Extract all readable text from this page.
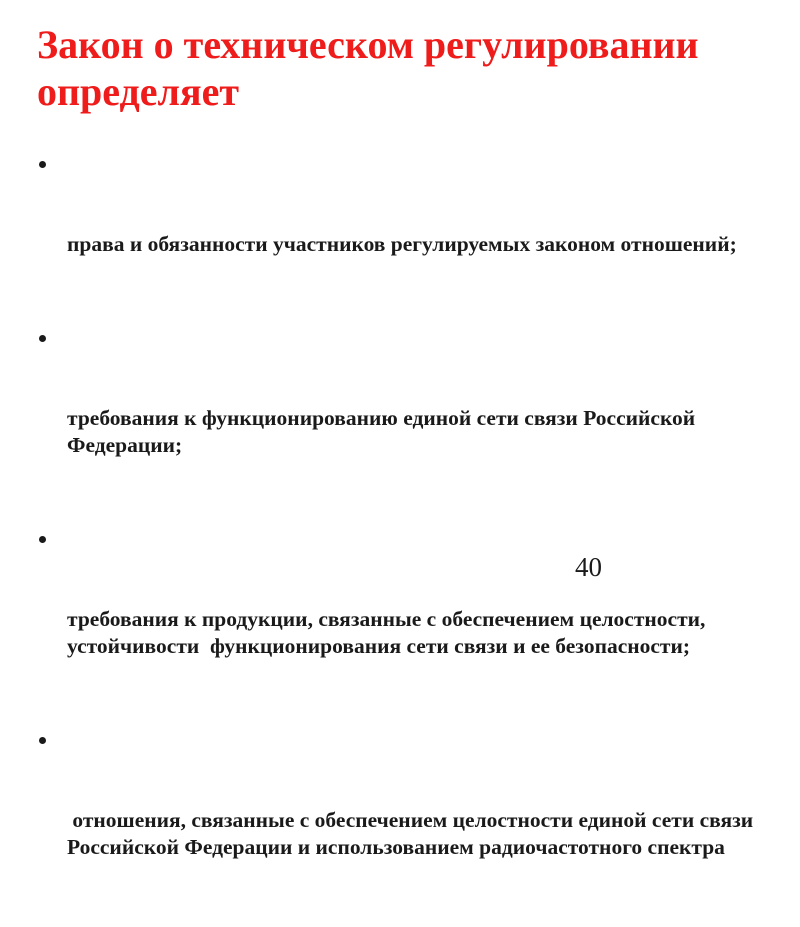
Закон о техническом регулировании определяет

права и обязанности участников регулируемых законом отношений;

требования к функционированию единой сети связи Российской Федерации;

требования к продукции, связанные с обеспечением целостности, устойчивости  функционирования сети связи и ее безопасности;

отношения, связанные с обеспечением целостности единой сети связи Российской Федерации и использованием радиочастотного спектра

40
